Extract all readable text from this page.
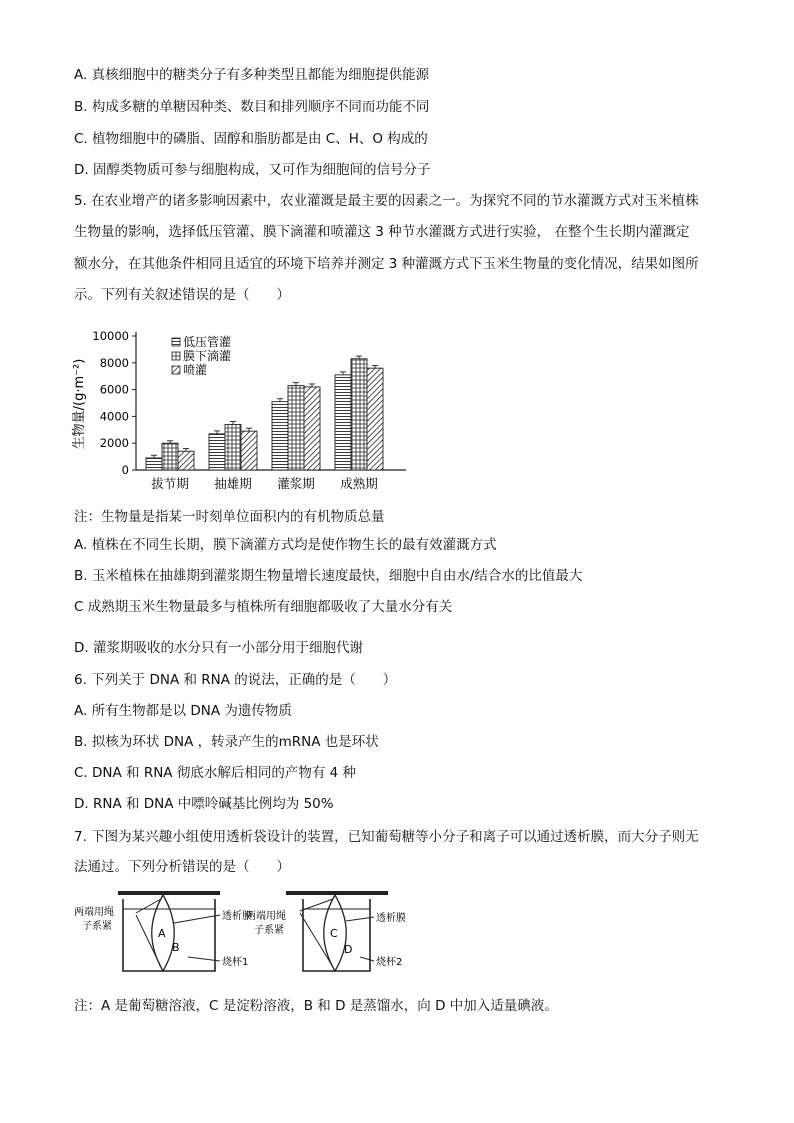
A. 真核细胞中的糖类分子有多种类型且都能为细胞提供能源
B. 构成多糖的单糖因种类、数目和排列顺序不同而功能不同
C. 植物细胞中的磷脂、固醇和脂肪都是由 C、H、O 构成的
D. 固醇类物质可参与细胞构成，又可作为细胞间的信号分子
5. 在农业增产的诸多影响因素中，农业灌溉是最主要的因素之一。为探究不同的节水灌溉方式对玉米植株
生物量的影响，选择低压管灌、膜下滴灌和喷灌这 3 种节水灌溉方式进行实验， 在整个生长期内灌溉定
额水分，在其他条件相同且适宜的环境下培养并测定 3 种灌溉方式下玉米生物量的变化情况，结果如图所
示。下列有关叙述错误的是（　　）
生物量/(g·m⁻²)
0
2000
4000
6000
8000
10000
拔节期 抽雄期 灌浆期 成熟期
低压管灌
膜下滴灌
喷灌
注：生物量是指某一时刻单位面积内的有机物质总量
A. 植株在不同生长期，膜下滴灌方式均是使作物生长的最有效灌溉方式
B. 玉米植株在抽雄期到灌浆期生物量增长速度最快，细胞中自由水/结合水的比值最大
C 成熟期玉米生物量最多与植株所有细胞都吸收了大量水分有关
D. 灌浆期吸收的水分只有一小部分用于细胞代谢
6. 下列关于 DNA 和 RNA 的说法，正确的是（　　）
A. 所有生物都是以 DNA 为遗传物质
B. 拟核为环状 DNA ，转录产生的mRNA 也是环状
C. DNA 和 RNA 彻底水解后相同的产物有 4 种
D. RNA 和 DNA 中嘌呤碱基比例均为 50%
7. 下图为某兴趣小组使用透析袋设计的装置，已知葡萄糖等小分子和离子可以通过透析膜，而大分子则无
法通过。下列分析错误的是（　　）
两端用绳
子系紧
A
B
透析膜
烧杯1
两端用绳
子系紧	C
D
透析膜
烧杯2
注：A 是葡萄糖溶液，C 是淀粉溶液，B 和 D 是蒸馏水，向 D 中加入适量碘液。
